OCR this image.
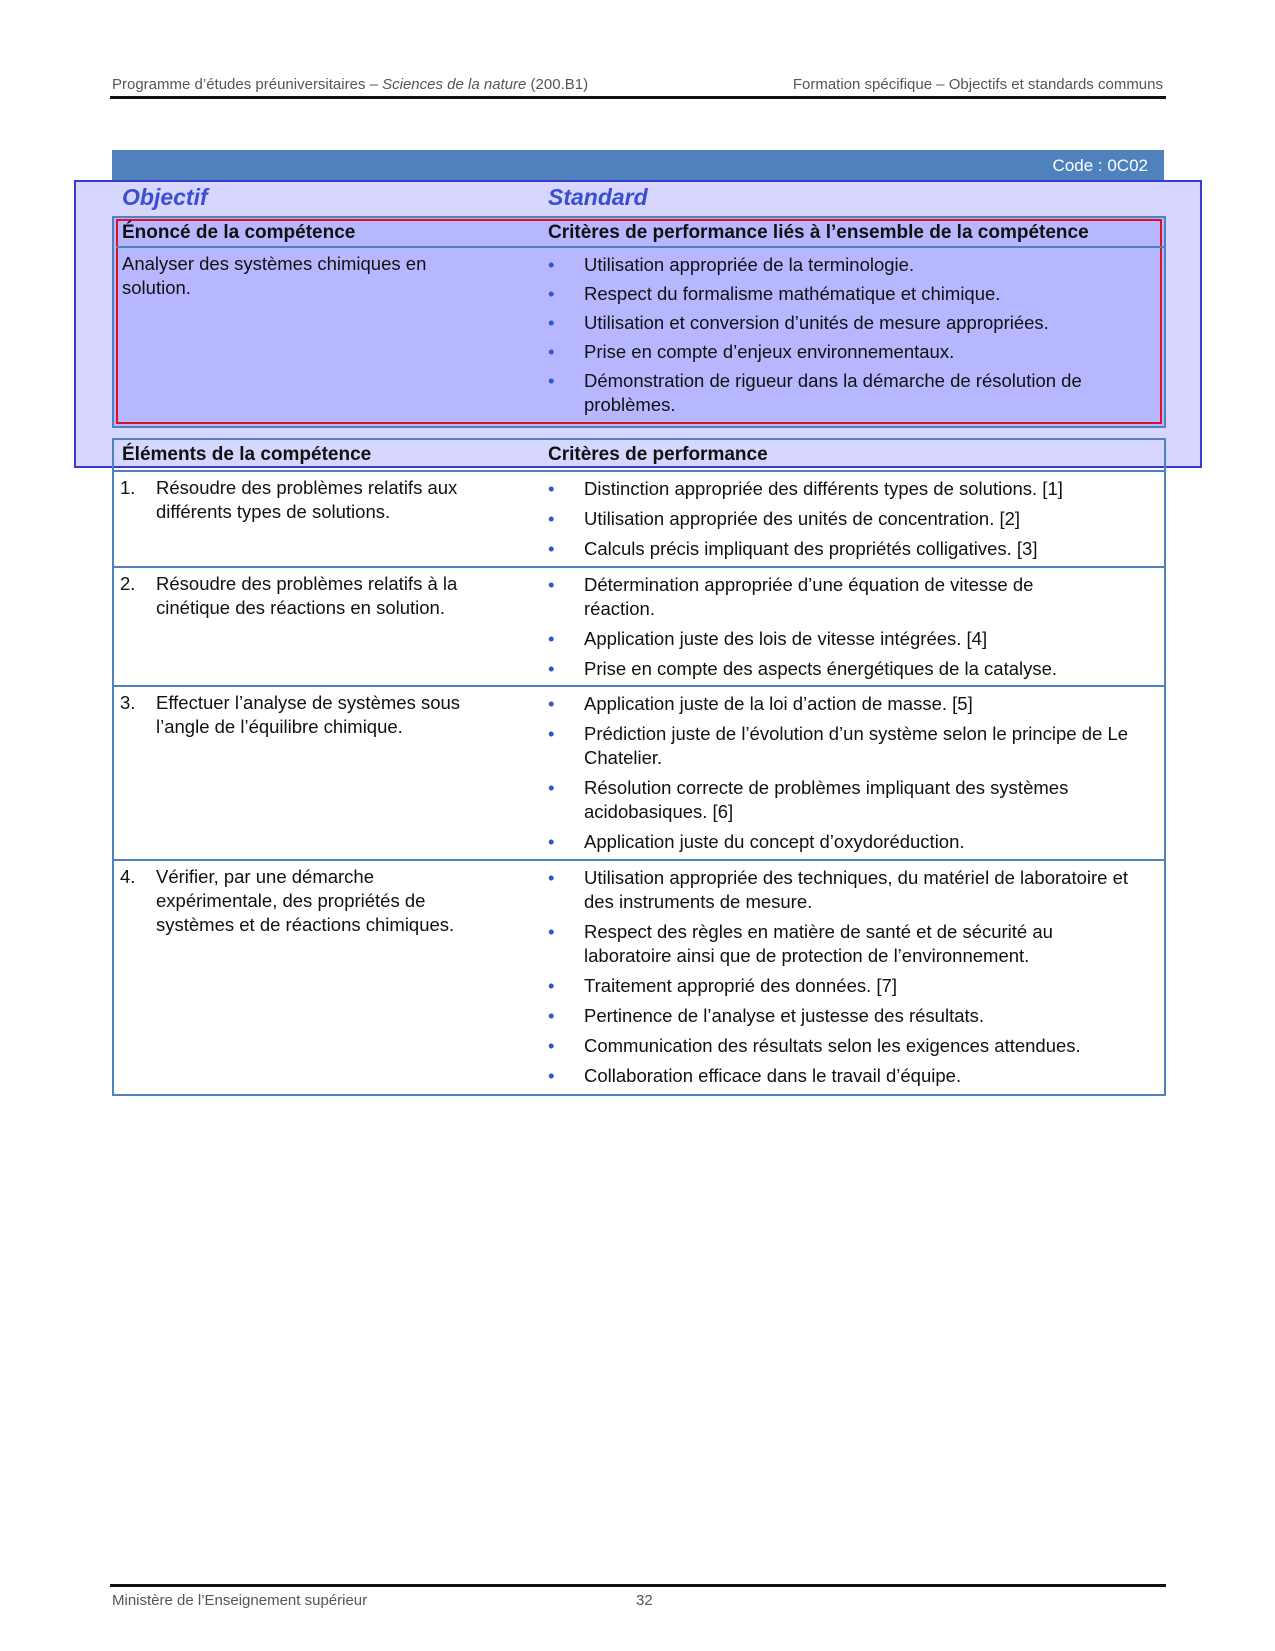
Programme d’études préuniversitaires – Sciences de la nature (200.B1)	Formation spécifique – Objectifs et standards communs
Code : 0C02
Objectif	Standard
Énoncé de la compétence	Critères de performance liés à l’ensemble de la compétence
Analyser des systèmes chimiques en solution.
• Utilisation appropriée de la terminologie.
• Respect du formalisme mathématique et chimique.
• Utilisation et conversion d’unités de mesure appropriées.
• Prise en compte d’enjeux environnementaux.
• Démonstration de rigueur dans la démarche de résolution de problèmes.
Éléments de la compétence	Critères de performance
1.	Résoudre des problèmes relatifs aux différents types de solutions.
• Distinction appropriée des différents types de solutions. [1]
• Utilisation appropriée des unités de concentration. [2]
• Calculs précis impliquant des propriétés colligatives. [3]
2.	Résoudre des problèmes relatifs à la cinétique des réactions en solution.
• Détermination appropriée d’une équation de vitesse de réaction.
• Application juste des lois de vitesse intégrées. [4]
• Prise en compte des aspects énergétiques de la catalyse.
3.	Effectuer l’analyse de systèmes sous l’angle de l’équilibre chimique.
• Application juste de la loi d’action de masse. [5]
• Prédiction juste de l’évolution d’un système selon le principe de Le Chatelier.
• Résolution correcte de problèmes impliquant des systèmes acidobasiques. [6]
• Application juste du concept d’oxydoréduction.
4.	Vérifier, par une démarche expérimentale, des propriétés de systèmes et de réactions chimiques.
• Utilisation appropriée des techniques, du matériel de laboratoire et des instruments de mesure.
• Respect des règles en matière de santé et de sécurité au laboratoire ainsi que de protection de l’environnement.
• Traitement approprié des données. [7]
• Pertinence de l’analyse et justesse des résultats.
• Communication des résultats selon les exigences attendues.
• Collaboration efficace dans le travail d’équipe.
Ministère de l’Enseignement supérieur	32
